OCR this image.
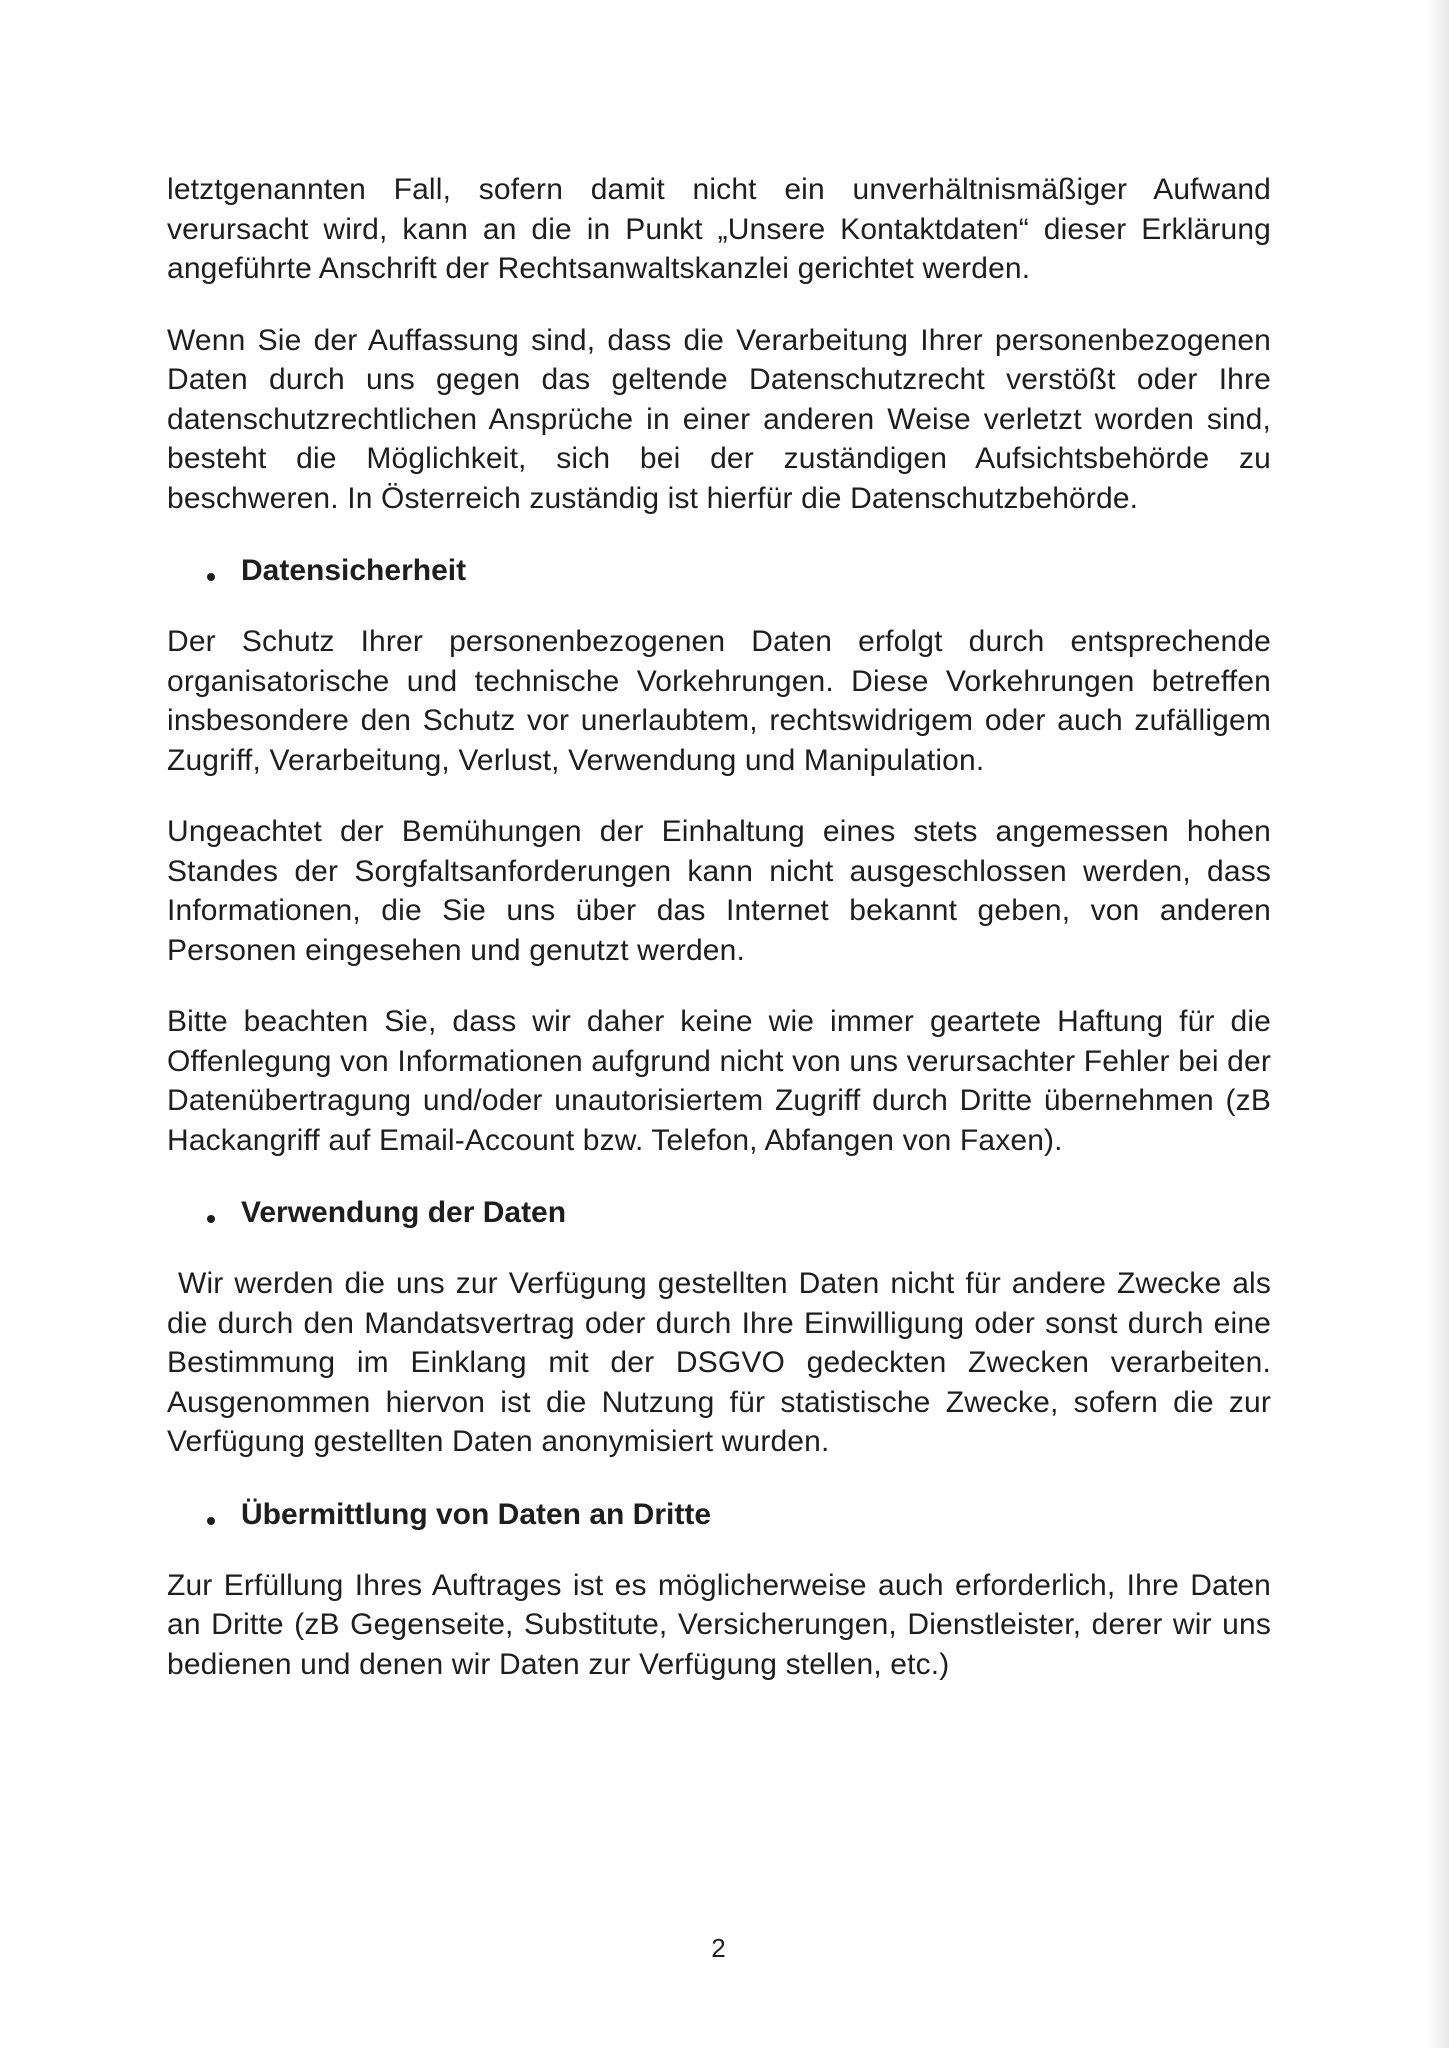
letztgenannten Fall, sofern damit nicht ein unverhältnismäßiger Aufwand verursacht wird, kann an die in Punkt „Unsere Kontaktdaten“ dieser Erklärung angeführte Anschrift der Rechtsanwaltskanzlei gerichtet werden.

Wenn Sie der Auffassung sind, dass die Verarbeitung Ihrer personenbezogenen Daten durch uns gegen das geltende Datenschutzrecht verstößt oder Ihre datenschutzrechtlichen Ansprüche in einer anderen Weise verletzt worden sind, besteht die Möglichkeit, sich bei der zuständigen Aufsichtsbehörde zu beschweren. In Österreich zuständig ist hierfür die Datenschutzbehörde.

Datensicherheit

Der Schutz Ihrer personenbezogenen Daten erfolgt durch entsprechende organisatorische und technische Vorkehrungen. Diese Vorkehrungen betreffen insbesondere den Schutz vor unerlaubtem, rechtswidrigem oder auch zufälligem Zugriff, Verarbeitung, Verlust, Verwendung und Manipulation.

Ungeachtet der Bemühungen der Einhaltung eines stets angemessen hohen Standes der Sorgfaltsanforderungen kann nicht ausgeschlossen werden, dass Informationen, die Sie uns über das Internet bekannt geben, von anderen Personen eingesehen und genutzt werden.

Bitte beachten Sie, dass wir daher keine wie immer geartete Haftung für die Offenlegung von Informationen aufgrund nicht von uns verursachter Fehler bei der Datenübertragung und/oder unautorisiertem Zugriff durch Dritte übernehmen (zB Hackangriff auf Email-Account bzw. Telefon, Abfangen von Faxen).

Verwendung der Daten

Wir werden die uns zur Verfügung gestellten Daten nicht für andere Zwecke als die durch den Mandatsvertrag oder durch Ihre Einwilligung oder sonst durch eine Bestimmung im Einklang mit der DSGVO gedeckten Zwecken verarbeiten. Ausgenommen hiervon ist die Nutzung für statistische Zwecke, sofern die zur Verfügung gestellten Daten anonymisiert wurden.

Übermittlung von Daten an Dritte

Zur Erfüllung Ihres Auftrages ist es möglicherweise auch erforderlich, Ihre Daten an Dritte (zB Gegenseite, Substitute, Versicherungen, Dienstleister, derer wir uns bedienen und denen wir Daten zur Verfügung stellen, etc.)

2
